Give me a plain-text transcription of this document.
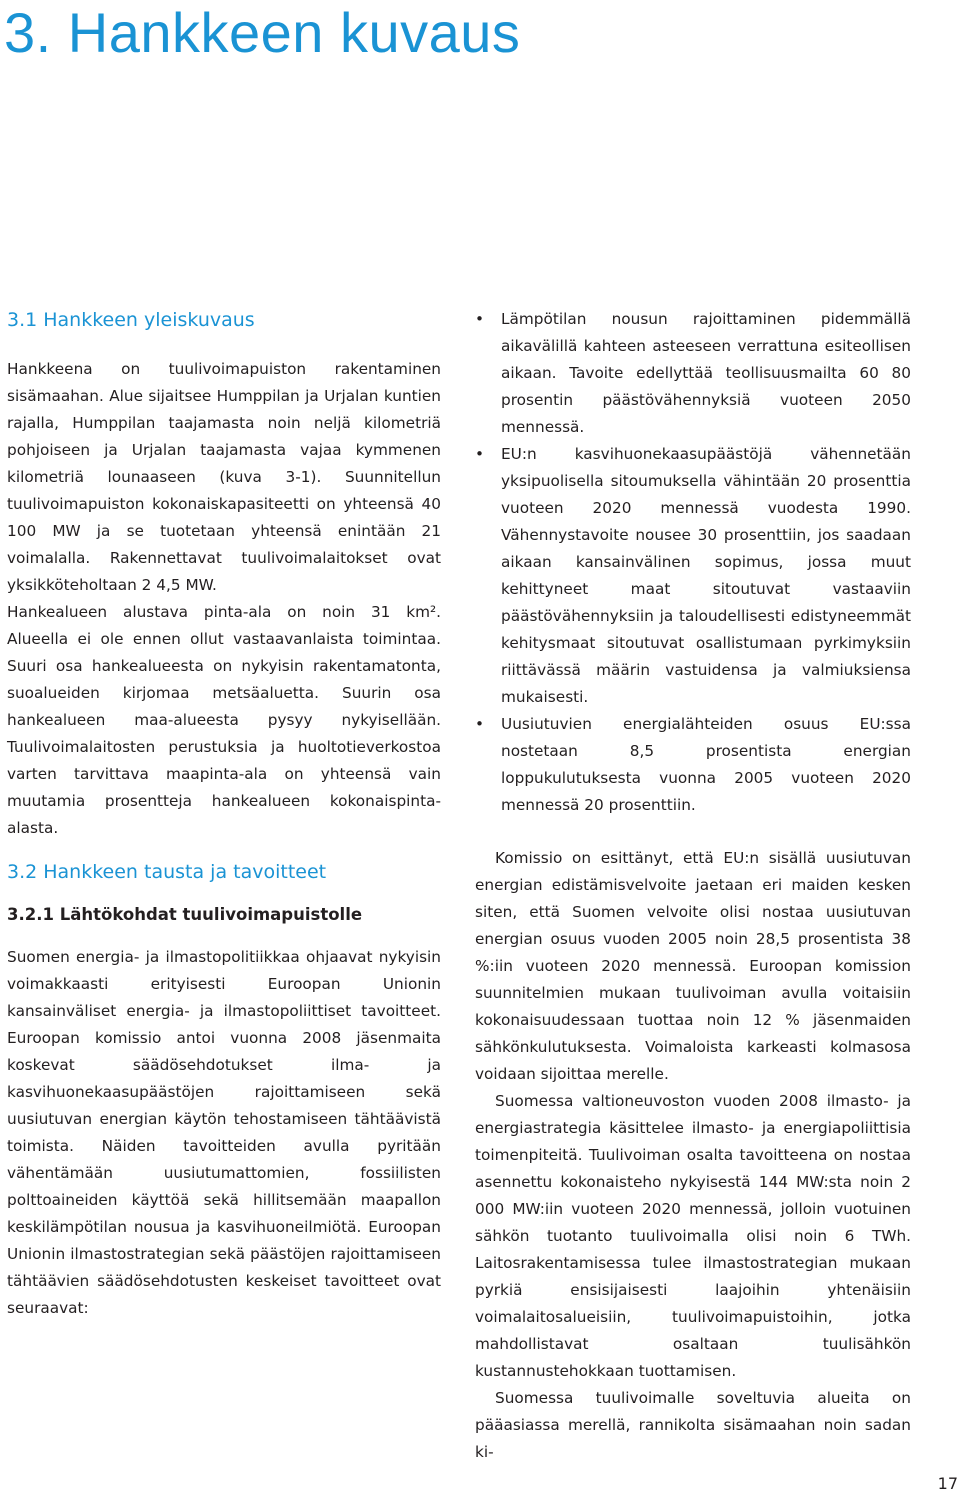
3. Hankkeen kuvaus
3.1 Hankkeen yleiskuvaus

Hankkeena on tuulivoimapuiston rakentaminen sisämaahan. Alue sijaitsee Humppilan ja Urjalan kuntien rajalla, Humppilan taajamasta noin neljä kilometriä pohjoiseen ja Urjalan taajamasta vajaa kymmenen kilometriä lounaaseen (kuva 3-1). Suunnitellun tuulivoimapuiston kokonaiskapasiteetti on yhteensä 40 100 MW ja se tuotetaan yhteensä enintään 21 voimalalla. Rakennettavat tuulivoimalaitokset ovat yksikköteholtaan 2 4,5 MW.

Hankealueen alustava pinta-ala on noin 31 km². Alueella ei ole ennen ollut vastaavanlaista toimintaa. Suuri osa hankealueesta on nykyisin rakentamatonta, suoalueiden kirjomaa metsäaluetta. Suurin osa hankealueen maa-alueesta pysyy nykyisellään. Tuulivoimalaitosten perustuksia ja huoltotieverkostoa varten tarvittava maapinta-ala on yhteensä vain muutamia prosentteja hankealueen kokonaispinta-alasta.

3.2 Hankkeen tausta ja tavoitteet
3.2.1 Lähtökohdat tuulivoimapuistolle

Suomen energia- ja ilmastopolitiikkaa ohjaavat nykyisin voimakkaasti erityisesti Euroopan Unionin kansainväliset energia- ja ilmastopoliittiset tavoitteet. Euroopan komissio antoi vuonna 2008 jäsenmaita koskevat säädösehdotukset ilma- ja kasvihuonekaasupäästöjen rajoittamiseen sekä uusiutuvan energian käytön tehostamiseen tähtäävistä toimista. Näiden tavoitteiden avulla pyritään vähentämään uusiutumattomien, fossiilisten polttoaineiden käyttöä sekä hillitsemään maapallon keskilämpötilan nousua ja kasvihuoneilmiötä. Euroopan Unionin ilmastostrategian sekä päästöjen rajoittamiseen tähtäävien säädösehdotusten keskeiset tavoitteet ovat seuraavat:

•	Lämpötilan nousun rajoittaminen pidemmällä aikavälillä kahteen asteeseen verrattuna esiteollisen aikaan. Tavoite edellyttää teollisuusmailta 60 80 prosentin päästövähennyksiä vuoteen 2050 mennessä.
•	EU:n kasvihuonekaasupäästöjä vähennetään yksipuolisella sitoumuksella vähintään 20 prosenttia vuoteen 2020 mennessä vuodesta 1990. Vähennystavoite nousee 30 prosenttiin, jos saadaan aikaan kansainvälinen sopimus, jossa muut kehittyneet maat sitoutuvat vastaaviin päästövähennyksiin ja taloudellisesti edistyneemmät kehitysmaat sitoutuvat osallistumaan pyrkimyksiin riittävässä määrin vastuidensa ja valmiuksiensa mukaisesti.
•	Uusiutuvien energialähteiden osuus EU:ssa nostetaan 8,5 prosentista energian loppukulutuksesta vuonna 2005 vuoteen 2020 mennessä 20 prosenttiin.

Komissio on esittänyt, että EU:n sisällä uusiutuvan energian edistämisvelvoite jaetaan eri maiden kesken siten, että Suomen velvoite olisi nostaa uusiutuvan energian osuus vuoden 2005 noin 28,5 prosentista 38 %:iin vuoteen 2020 mennessä. Euroopan komission suunnitelmien mukaan tuulivoiman avulla voitaisiin kokonaisuudessaan tuottaa noin 12 % jäsenmaiden sähkönkulutuksesta. Voimaloista karkeasti kolmasosa voidaan sijoittaa merelle.

Suomessa valtioneuvoston vuoden 2008 ilmasto- ja energiastrategia käsittelee ilmasto- ja energiapoliittisia toimenpiteitä. Tuulivoiman osalta tavoitteena on nostaa asennettu kokonaisteho nykyisestä 144 MW:sta noin 2 000 MW:iin vuoteen 2020 mennessä, jolloin vuotuinen sähkön tuotanto tuulivoimalla olisi noin 6 TWh. Laitosrakentamisessa tulee ilmastostrategian mukaan pyrkiä ensisijaisesti laajoihin yhtenäisiin voimalaitosalueisiin, tuulivoimapuistoihin, jotka mahdollistavat osaltaan tuulisähkön kustannustehokkaan tuottamisen.

Suomessa tuulivoimalle soveltuvia alueita on pääasiassa merellä, rannikolta sisämaahan noin sadan ki-

17
